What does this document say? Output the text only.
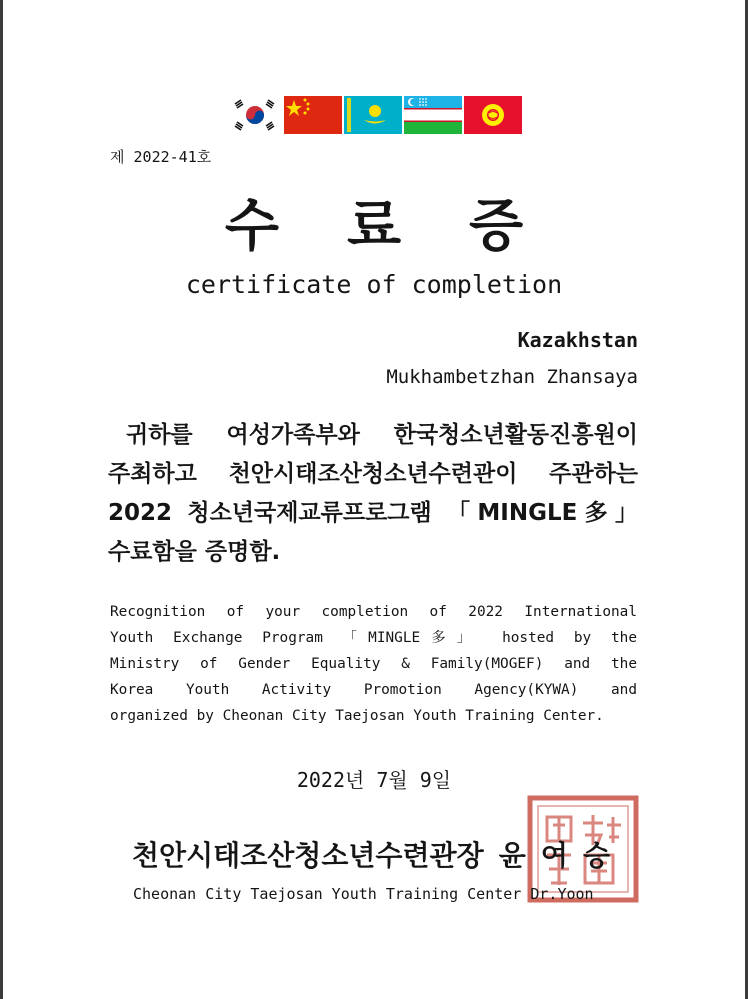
제 2022-41호
수료증
certificate of completion
Kazakhstan
Mukhambetzhan Zhansaya
귀하를 여성가족부와 한국청소년활동진흥원이
주최하고 천안시태조산청소년수련관이 주관하는
2022 청소년국제교류프로그램 「MINGLE多」
수료함을 증명함.
Recognition of your completion of 2022 International
Youth Exchange Program 「MINGLE多」 hosted by the
Ministry of Gender Equality & Family(MOGEF) and the
Korea Youth Activity Promotion Agency(KYWA) and
organized by Cheonan City Taejosan Youth Training Center.
2022년 7월 9일
천안시태조산청소년수련관장 윤 여 승
Cheonan City Taejosan Youth Training Center Dr.Yoon
